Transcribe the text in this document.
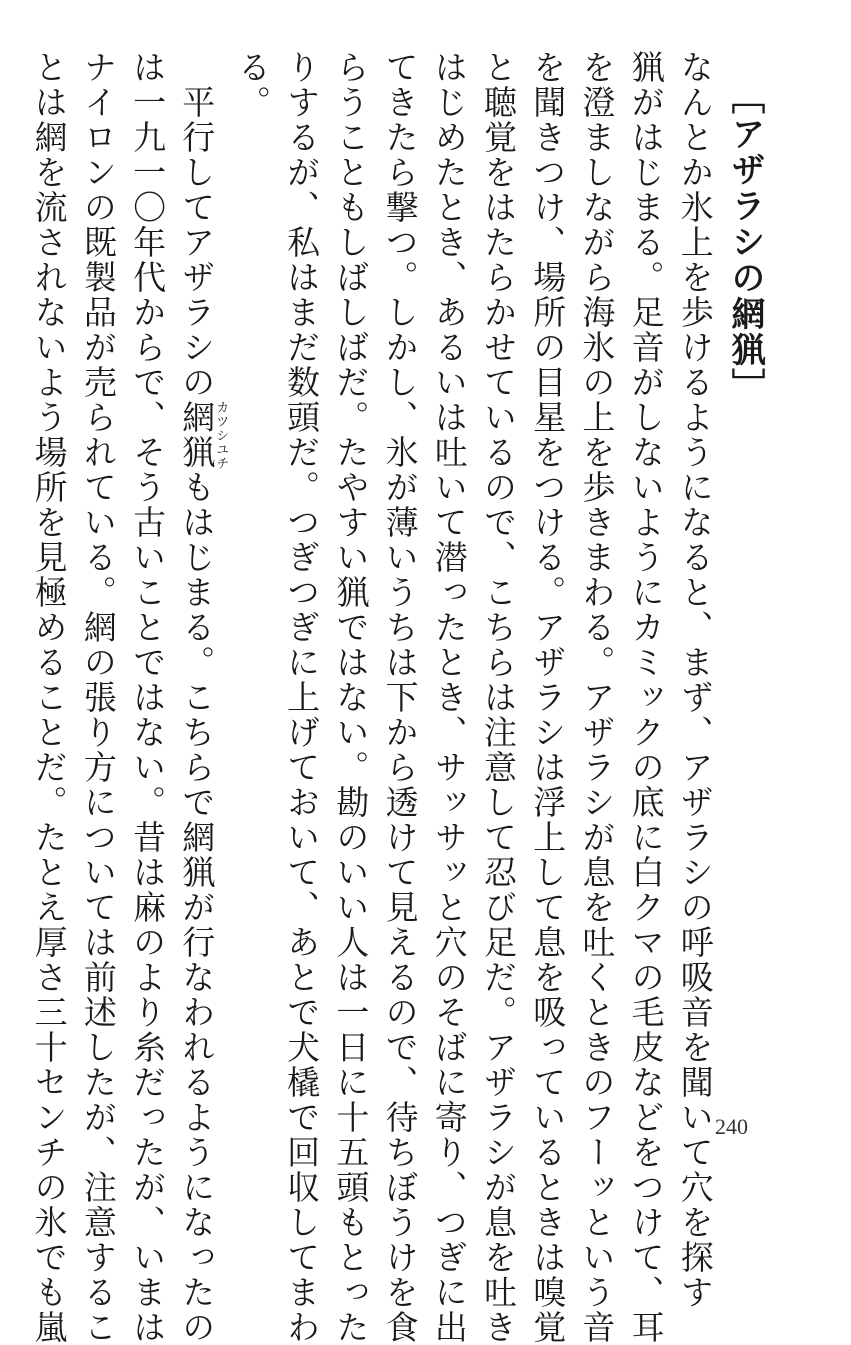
［アザラシの網猟］
なんとか氷上を歩けるようになると、まず、アザラシの呼吸音を聞いて穴を探す
猟がはじまる。足音がしないようにカミックの底に白クマの毛皮などをつけて、耳
を澄ましながら海氷の上を歩きまわる。アザラシが息を吐くときのフーッという音
を聞きつけ、場所の目星をつける。アザラシは浮上して息を吸っているときは嗅覚
と聴覚をはたらかせているので、こちらは注意して忍び足だ。アザラシが息を吐き
はじめたとき、あるいは吐いて潜ったとき、サッサッと穴のそばに寄り、つぎに出
てきたら撃つ。しかし、氷が薄いうちは下から透けて見えるので、待ちぼうけを食
らうこともしばしばだ。たやすい猟ではない。勘のいい人は一日に十五頭もとった
りするが、私はまだ数頭だ。つぎつぎに上げておいて、あとで犬橇で回収してまわ
る。
　平行してアザラシの網猟カツシユチもはじまる。こちらで網猟が行なわれるようになったの
は一九一〇年代からで、そう古いことではない。昔は麻のより糸だったが、いまは
ナイロンの既製品が売られている。網の張り方については前述したが、注意するこ
とは網を流されないよう場所を見極めることだ。たとえ厚さ三十センチの氷でも嵐	240
